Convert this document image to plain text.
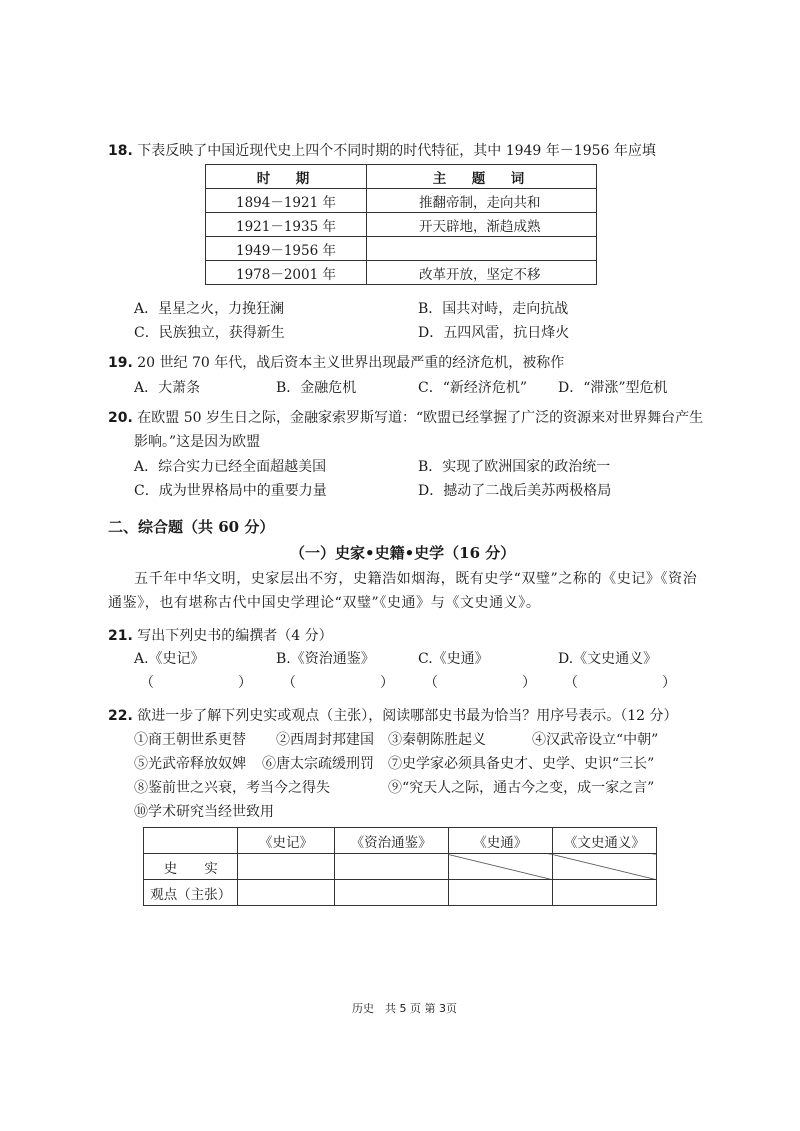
18. 下表反映了中国近现代史上四个不同时期的时代特征，其中 1949 年－1956 年应填
时　期	主　题　词
1894－1921 年	推翻帝制，走向共和
1921－1935 年	开天辟地，渐趋成熟
1949－1956 年	
1978－2001 年	改革开放，坚定不移
A．星星之火，力挽狂澜	B．国共对峙，走向抗战
C．民族独立，获得新生	D．五四风雷，抗日烽火
19. 20 世纪 70 年代，战后资本主义世界出现最严重的经济危机，被称作
A．大萧条	B．金融危机	C．“新经济危机” D．“滞涨”型危机
20. 在欧盟 50 岁生日之际，金融家索罗斯写道：“欧盟已经掌握了广泛的资源来对世界舞台产生
影响。”这是因为欧盟
A．综合实力已经全面超越美国	B．实现了欧洲国家的政治统一
C．成为世界格局中的重要力量	D．撼动了二战后美苏两极格局
二、综合题（共 60 分）
（一）史家•史籍•史学（16 分）
五千年中华文明，史家层出不穷，史籍浩如烟海，既有史学“双璧”之称的《史记》《资治
通鉴》，也有堪称古代中国史学理论“双璧”《史通》与《文史通义》。
21. 写出下列史书的编撰者（4 分）
A.《史记》	B.《资治通鉴》	C.《史通》	D.《文史通义》
（　　　　　　） （　　　　　　） （　　　　　　） （　　　　　　）
22. 欲进一步了解下列史实或观点（主张），阅读哪部史书最为恰当？用序号表示。（12 分）
①商王朝世系更替 ②西周封邦建国 ③秦朝陈胜起义	④汉武帝设立“中朝”
⑤光武帝释放奴婢 ⑥唐太宗疏缓刑罚 ⑦史学家必须具备史才、史学、史识“三长”
⑧鉴前世之兴衰，考当今之得失	⑨“究天人之际，通古今之变，成一家之言”
⑩学术研究当经世致用
	《史记》	《资治通鉴》	《史通》	《文史通义》
史　　实				
观点（主张）				
历史　共 5 页 第 3页
